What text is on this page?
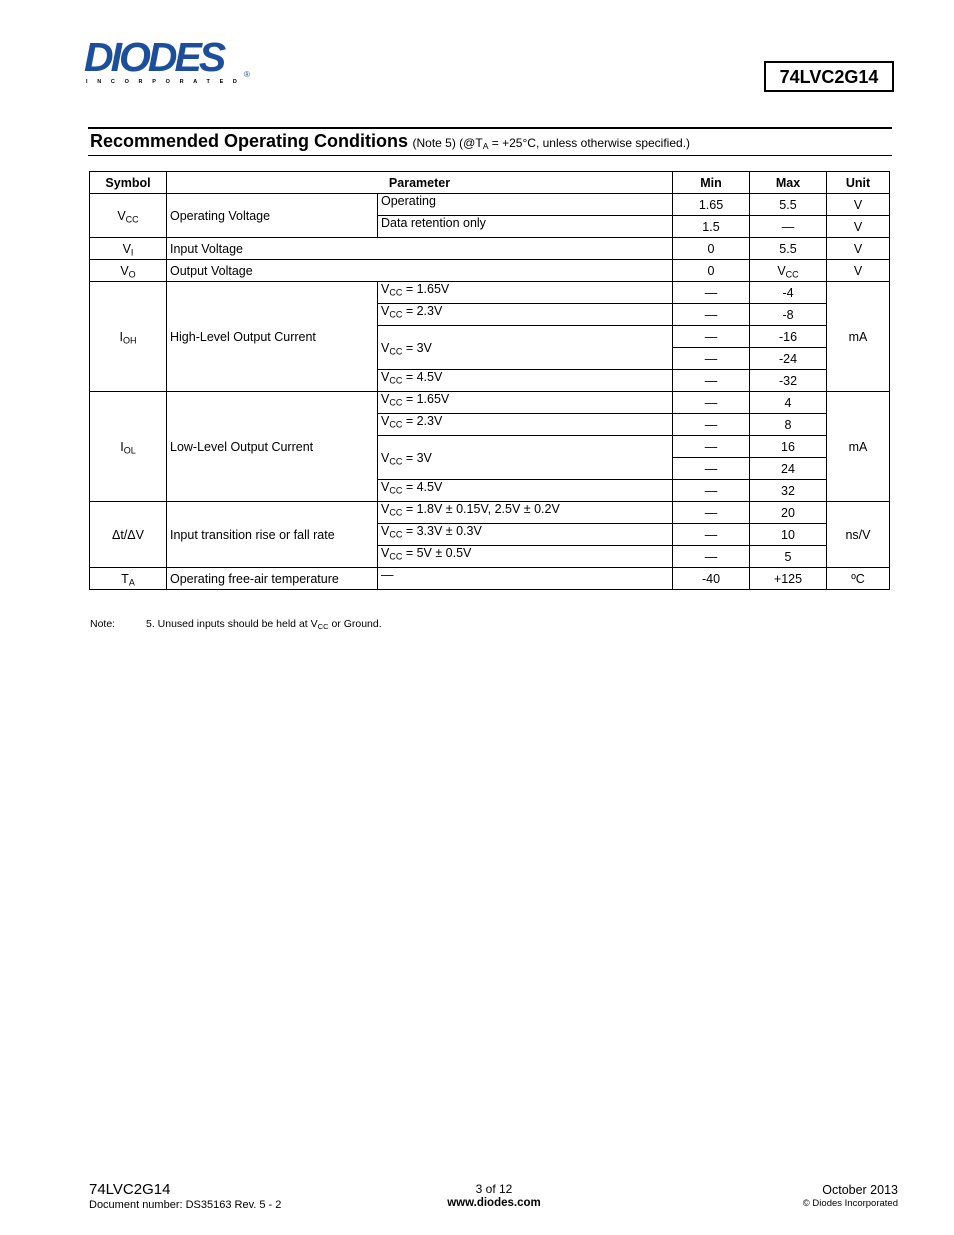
DIODES	®
INCORPORATED	74LVC2G14
Recommended Operating Conditions (Note 5) ($@T_A = +25^\circ C$, unless otherwise specified.)
Symbol	Parameter		Min	Max	Unit
$V_{CC}$	Operating Voltage	Operating	1.65	5.5	V
		Data retention only	1.5	—	V
$V_I$	Input Voltage		0	5.5	V
$V_O$	Output Voltage		0	$V_{CC}$	V
$I_{OH}$	High-Level Output Current	$V_{CC} = 1.65V$	—	-4	mA
		$V_{CC} = 2.3V$	—	-8	
		$V_{CC} = 3V$	—	-16	
			—	-24	
		$V_{CC} = 4.5V$	—	-32	
$I_{OL}$	Low-Level Output Current	$V_{CC} = 1.65V$	—	4	mA
		$V_{CC} = 2.3V$	—	8	
		$V_{CC} = 3V$	—	16	
			—	24	
		$V_{CC} = 4.5V$	—	32	
Δt/ΔV	Input transition rise or fall rate	$V_{CC} = 1.8V \pm 0.15V$, 2.5V ± 0.2V	—	20	ns/V
		$V_{CC} = 3.3V \pm 0.3V$	—	10	
		$V_{CC} = 5V \pm 0.5V$	—	5	
$T_A$	Operating free-air temperature	—	-40	+125	ºC
Note:	5. Unused inputs should be held at $V_{CC}$ or Ground.
74LVC2G14
Document number: DS35163 Rev. 5 - 2
3 of 12
www.diodes.com
October 2013
© Diodes Incorporated
